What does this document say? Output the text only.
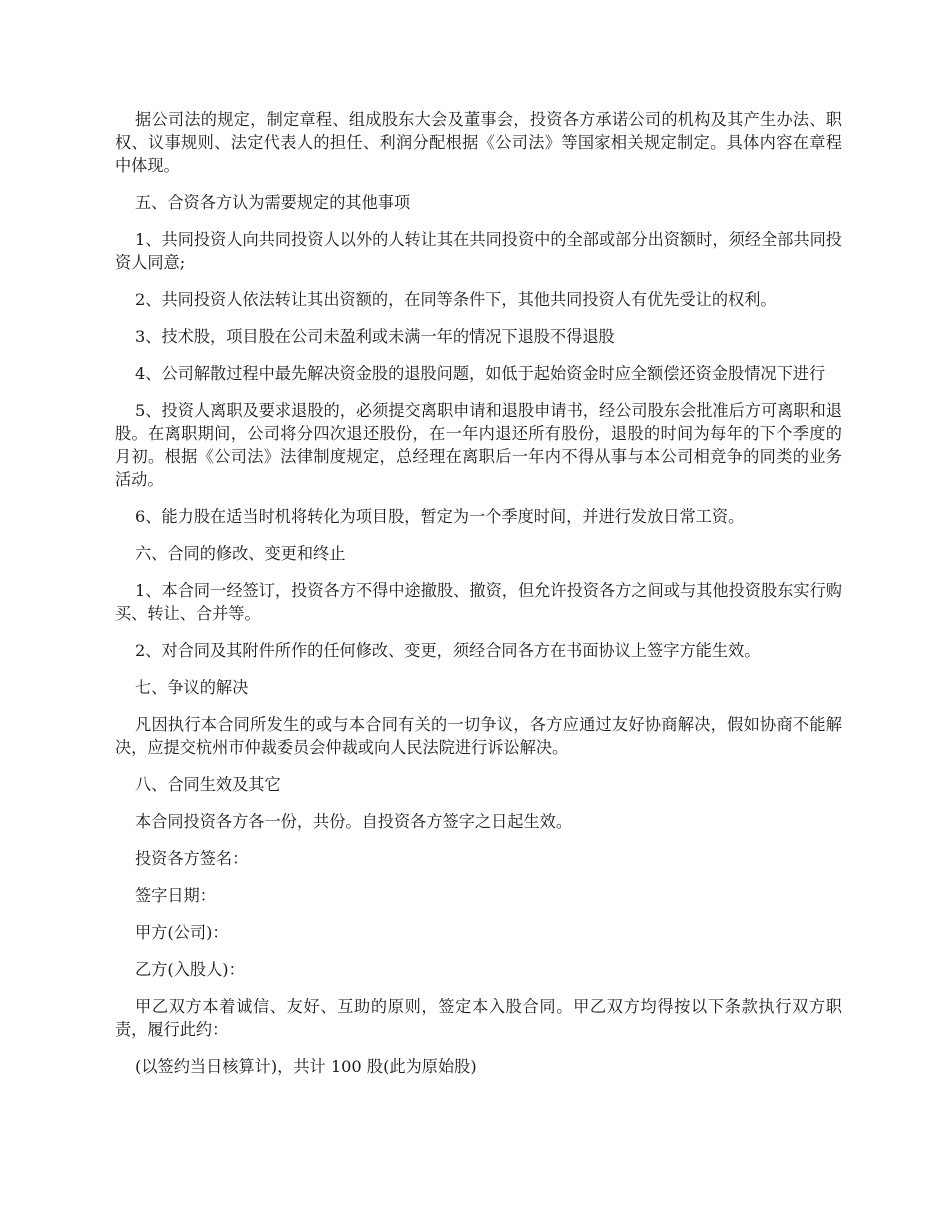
据公司法的规定，制定章程、组成股东大会及董事会，投资各方承诺公司的机构及其产生办法、职权、议事规则、法定代表人的担任、利润分配根据《公司法》等国家相关规定制定。具体内容在章程中体现。

五、合资各方认为需要规定的其他事项

1、共同投资人向共同投资人以外的人转让其在共同投资中的全部或部分出资额时，须经全部共同投资人同意;

2、共同投资人依法转让其出资额的，在同等条件下，其他共同投资人有优先受让的权利。

3、技术股，项目股在公司未盈利或未满一年的情况下退股不得退股

4、公司解散过程中最先解决资金股的退股问题，如低于起始资金时应全额偿还资金股情况下进行

5、投资人离职及要求退股的，必须提交离职申请和退股申请书，经公司股东会批准后方可离职和退股。在离职期间，公司将分四次退还股份，在一年内退还所有股份，退股的时间为每年的下个季度的月初。根据《公司法》法律制度规定，总经理在离职后一年内不得从事与本公司相竞争的同类的业务活动。

6、能力股在适当时机将转化为项目股，暂定为一个季度时间，并进行发放日常工资。

六、合同的修改、变更和终止

1、本合同一经签订，投资各方不得中途撤股、撤资，但允许投资各方之间或与其他投资股东实行购买、转让、合并等。

2、对合同及其附件所作的任何修改、变更，须经合同各方在书面协议上签字方能生效。

七、争议的解决

凡因执行本合同所发生的或与本合同有关的一切争议，各方应通过友好协商解决，假如协商不能解决，应提交杭州市仲裁委员会仲裁或向人民法院进行诉讼解决。

八、合同生效及其它

本合同投资各方各一份，共份。自投资各方签字之日起生效。

投资各方签名：

签字日期：

甲方(公司)：

乙方(入股人)：

甲乙双方本着诚信、友好、互助的原则，签定本入股合同。甲乙双方均得按以下条款执行双方职责，履行此约：

(以签约当日核算计)，共计 100 股(此为原始股)
